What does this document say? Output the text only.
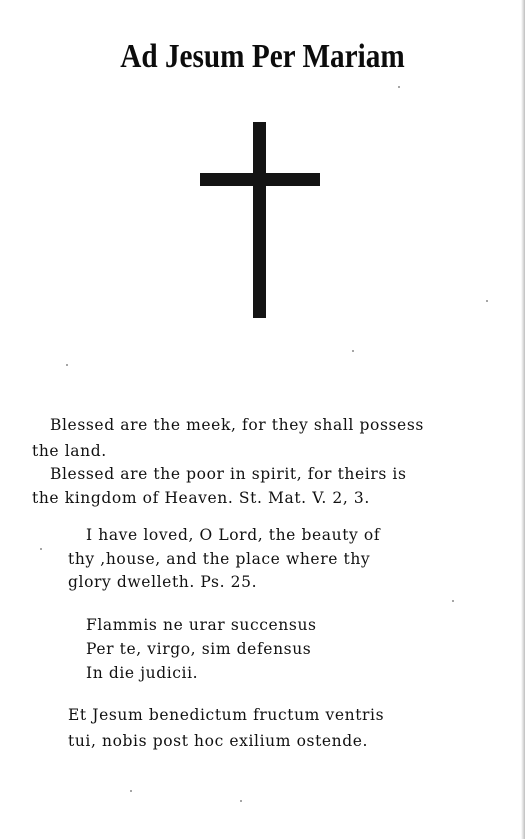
Ad Jesum Per Mariam
Blessed are the meek, for they shall possess
the land.
Blessed are the poor in spirit, for theirs is
the kingdom of Heaven. St. Mat. V. 2, 3.
I have loved, O Lord, the beauty of
thy ,house, and the place where thy
glory dwelleth. Ps. 25.
Flammis ne urar succensus
Per te, virgo, sim defensus
In die judicii.
Et Jesum benedictum fructum ventris
tui, nobis post hoc exilium ostende.
